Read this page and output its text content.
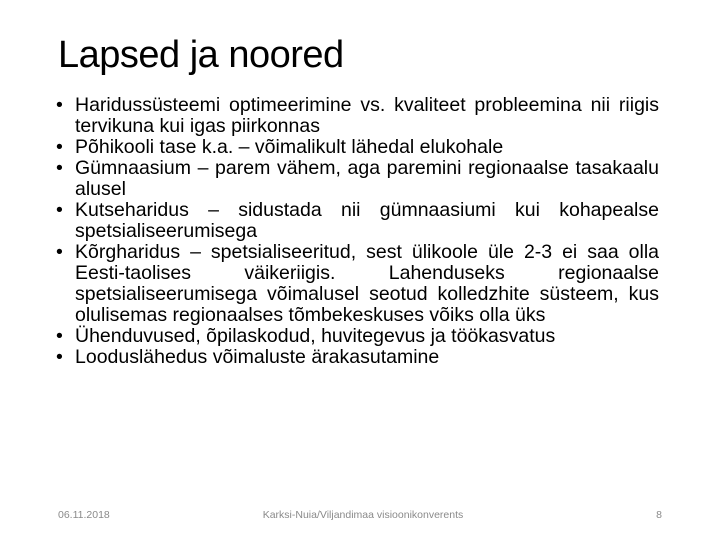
Lapsed ja noored
• Haridussüsteemi optimeerimine vs. kvaliteet probleemina nii riigis tervikuna kui igas piirkonnas
• Põhikooli tase k.a. – võimalikult lähedal elukohale
• Gümnaasium – parem vähem, aga paremini regionaalse tasakaalu alusel
• Kutseharidus – sidustada nii gümnaasiumi kui kohapealse spetsialiseerumisega
• Kõrgharidus – spetsialiseeritud, sest ülikoole üle 2-3 ei saa olla Eesti-taolises väikeriigis. Lahenduseks regionaalse spetsialiseerumisega võimalusel seotud kolledzhite süsteem, kus olulisemas regionaalses tõmbekeskuses võiks olla üks
• Ühenduvused, õpilaskodud, huvitegevus ja töökasvatus
• Looduslähedus võimaluste ärakasutamine
06.11.2018	Karksi-Nuia/Viljandimaa visioonikonverents	8
